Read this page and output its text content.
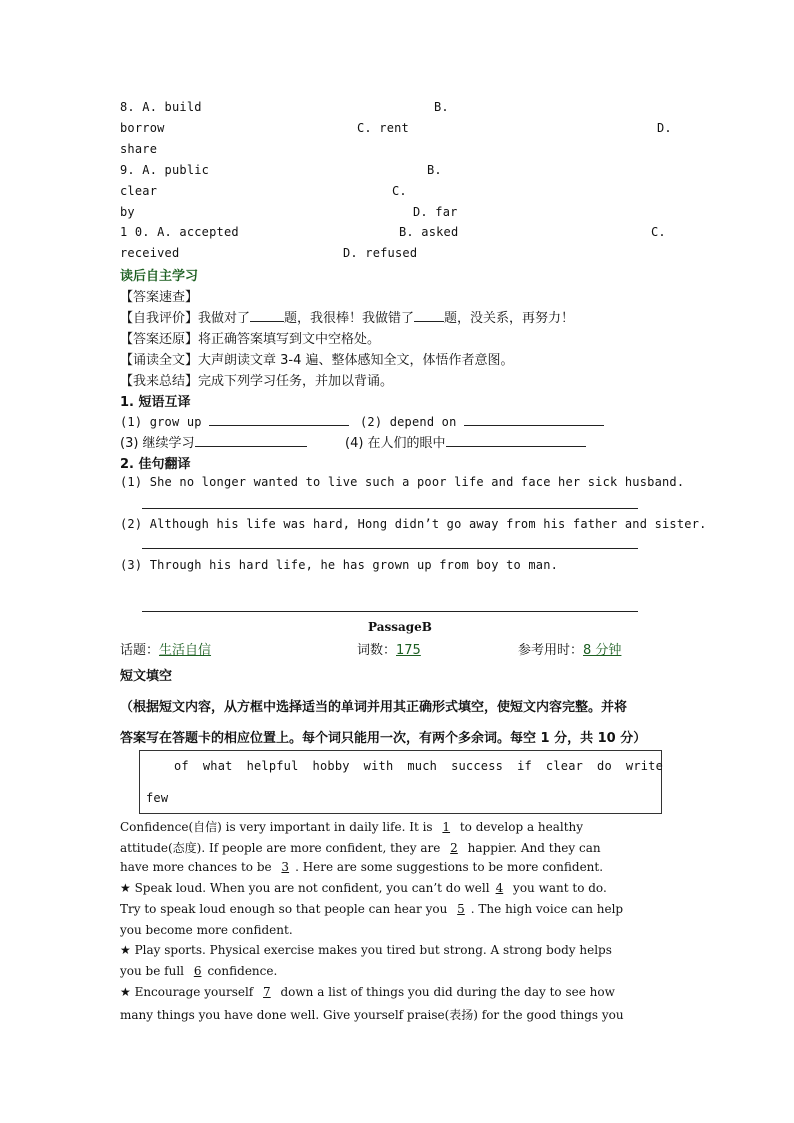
8. A. build	B.
borrow	C. rent	D.
share
9. A. public	B.
clear	C.
by	D. far
1 0. A. accepted	B. asked	C.
received	D. refused
读后自主学习
【答案速查】
【自我评价】我做对了	题，我很棒！我做错了 题，没关系，再努力！
【答案还原】将正确答案填写到文中空格处。
【诵读全文】大声朗读文章 3-4 遍、整体感知全文，体悟作者意图。
【我来总结】完成下列学习任务，并加以背诵。
1. 短语互译
(1) grow up	(2) depend on
(3) 继续学习	(4) 在人们的眼中
2. 佳句翻译
(1) She no longer wanted to live such a poor life and face her sick husband.
(2) Although his life was hard, Hong didn’t go away from his father and sister.
(3) Through his hard life, he has grown up from boy to man.
PassageB
话题：生活自信	词数：175	参考用时：8 分钟
短文填空
（根据短文内容，从方框中选择适当的单词并用其正确形式填空，使短文内容完整。并将
答案写在答题卡的相应位置上。每个词只能用一次，有两个多余词。每空 1 分，共 10 分）
of what helpful hobby with much success if clear do write
few
Confidence(自信) is very important in daily life. It is 1 to develop a healthy
attitude(态度). If people are more confident, they are 2 happier. And they can
have more chances to be 3 . Here are some suggestions to be more confident.
★ Speak loud. When you are not confident, you can’t do well 4 you want to do.
Try to speak loud enough so that people can hear you 5 . The high voice can help
you become more confident.
★ Play sports. Physical exercise makes you tired but strong. A strong body helps
you be full 6 confidence.
★ Encourage yourself 7 down a list of things you did during the day to see how
many things you have done well. Give yourself praise(表扬) for the good things you
